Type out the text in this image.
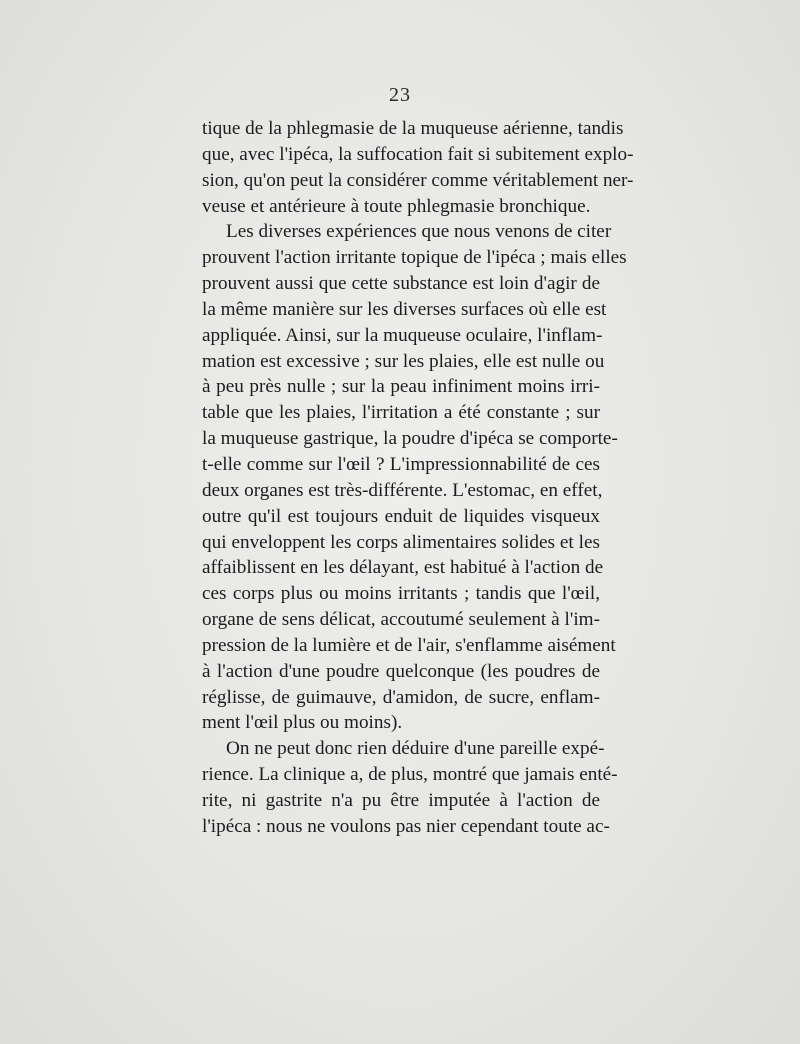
23
tique de la phlegmasie de la muqueuse aérienne, tandis
que, avec l'ipéca, la suffocation fait si subitement explo-
sion, qu'on peut la considérer comme véritablement ner-
veuse et antérieure à toute phlegmasie bronchique.
Les diverses expériences que nous venons de citer
prouvent l'action irritante topique de l'ipéca ; mais elles
prouvent aussi que cette substance est loin d'agir de
la même manière sur les diverses surfaces où elle est
appliquée. Ainsi, sur la muqueuse oculaire, l'inflam-
mation est excessive ; sur les plaies, elle est nulle ou
à peu près nulle ; sur la peau infiniment moins irri-
table que les plaies, l'irritation a été constante ; sur
la muqueuse gastrique, la poudre d'ipéca se comporte-
t-elle comme sur l'œil ? L'impressionnabilité de ces
deux organes est très-différente. L'estomac, en effet,
outre qu'il est toujours enduit de liquides visqueux
qui enveloppent les corps alimentaires solides et les
affaiblissent en les délayant, est habitué à l'action de
ces corps plus ou moins irritants ; tandis que l'œil,
organe de sens délicat, accoutumé seulement à l'im-
pression de la lumière et de l'air, s'enflamme aisément
à l'action d'une poudre quelconque (les poudres de
réglisse, de guimauve, d'amidon, de sucre, enflam-
ment l'œil plus ou moins).
On ne peut donc rien déduire d'une pareille expé-
rience. La clinique a, de plus, montré que jamais enté-
rite, ni gastrite n'a pu être imputée à l'action de
l'ipéca : nous ne voulons pas nier cependant toute ac-
